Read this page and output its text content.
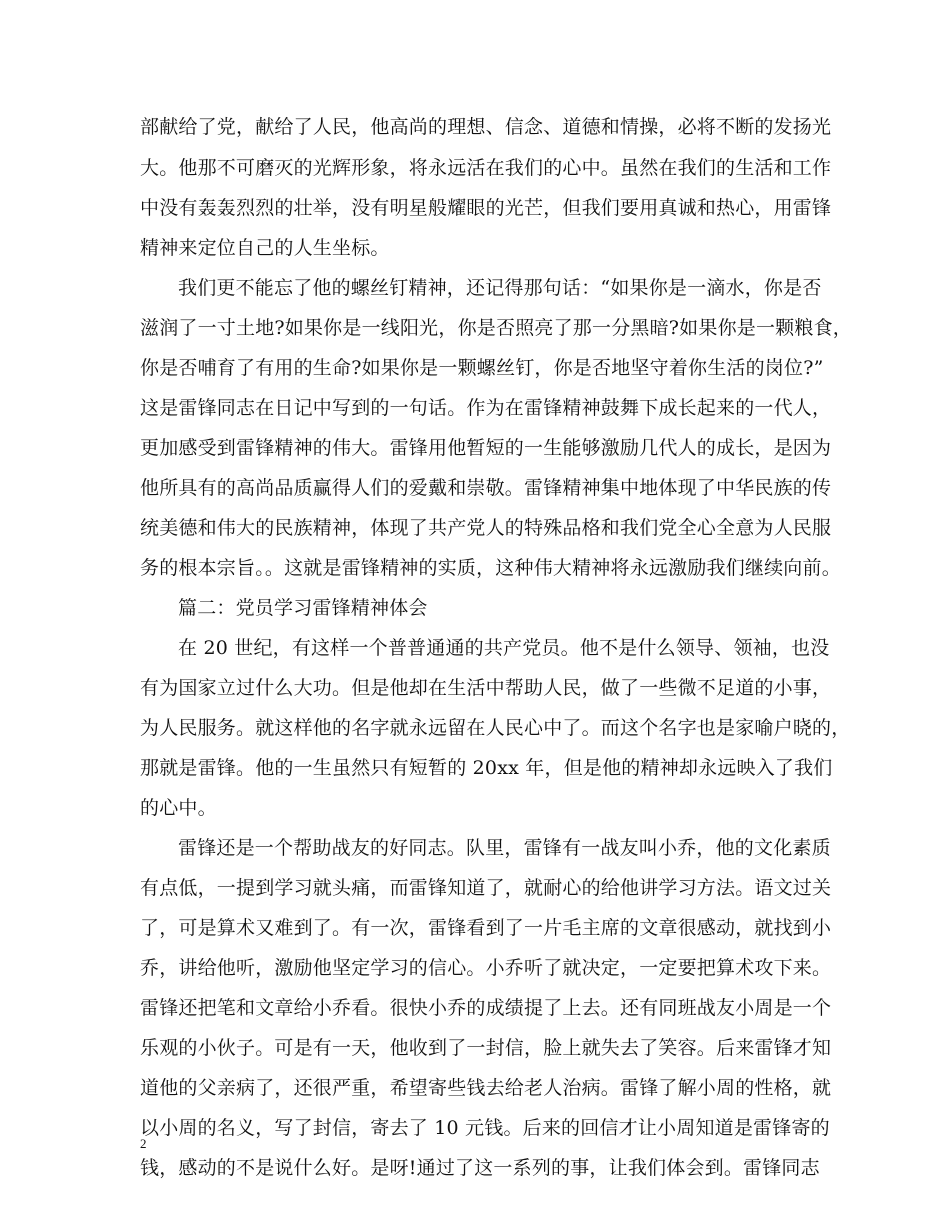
部献给了党，献给了人民，他高尚的理想、信念、道德和情操，必将不断的发扬光
大。他那不可磨灭的光辉形象，将永远活在我们的心中。虽然在我们的生活和工作
中没有轰轰烈烈的壮举，没有明星般耀眼的光芒，但我们要用真诚和热心，用雷锋
精神来定位自己的人生坐标。
我们更不能忘了他的螺丝钉精神，还记得那句话：“如果你是一滴水，你是否
滋润了一寸土地?如果你是一线阳光，你是否照亮了那一分黑暗?如果你是一颗粮食，
你是否哺育了有用的生命?如果你是一颗螺丝钉，你是否地坚守着你生活的岗位?”
这是雷锋同志在日记中写到的一句话。作为在雷锋精神鼓舞下成长起来的一代人，
更加感受到雷锋精神的伟大。雷锋用他暂短的一生能够激励几代人的成长，是因为
他所具有的高尚品质赢得人们的爱戴和崇敬。雷锋精神集中地体现了中华民族的传
统美德和伟大的民族精神，体现了共产党人的特殊品格和我们党全心全意为人民服
务的根本宗旨。。这就是雷锋精神的实质，这种伟大精神将永远激励我们继续向前。
篇二：党员学习雷锋精神体会
在 20 世纪，有这样一个普普通通的共产党员。他不是什么领导、领袖，也没
有为国家立过什么大功。但是他却在生活中帮助人民，做了一些微不足道的小事，
为人民服务。就这样他的名字就永远留在人民心中了。而这个名字也是家喻户晓的，
那就是雷锋。他的一生虽然只有短暂的 20xx 年，但是他的精神却永远映入了我们
的心中。
雷锋还是一个帮助战友的好同志。队里，雷锋有一战友叫小乔，他的文化素质
有点低，一提到学习就头痛，而雷锋知道了，就耐心的给他讲学习方法。语文过关
了，可是算术又难到了。有一次，雷锋看到了一片毛主席的文章很感动，就找到小
乔，讲给他听，激励他坚定学习的信心。小乔听了就决定，一定要把算术攻下来。
雷锋还把笔和文章给小乔看。很快小乔的成绩提了上去。还有同班战友小周是一个
乐观的小伙子。可是有一天，他收到了一封信，脸上就失去了笑容。后来雷锋才知
道他的父亲病了，还很严重，希望寄些钱去给老人治病。雷锋了解小周的性格，就
以小周的名义，写了封信，寄去了 10 元钱。后来的回信才让小周知道是雷锋寄的
钱，感动的不是说什么好。是呀!通过了这一系列的事，让我们体会到。雷锋同志
2
